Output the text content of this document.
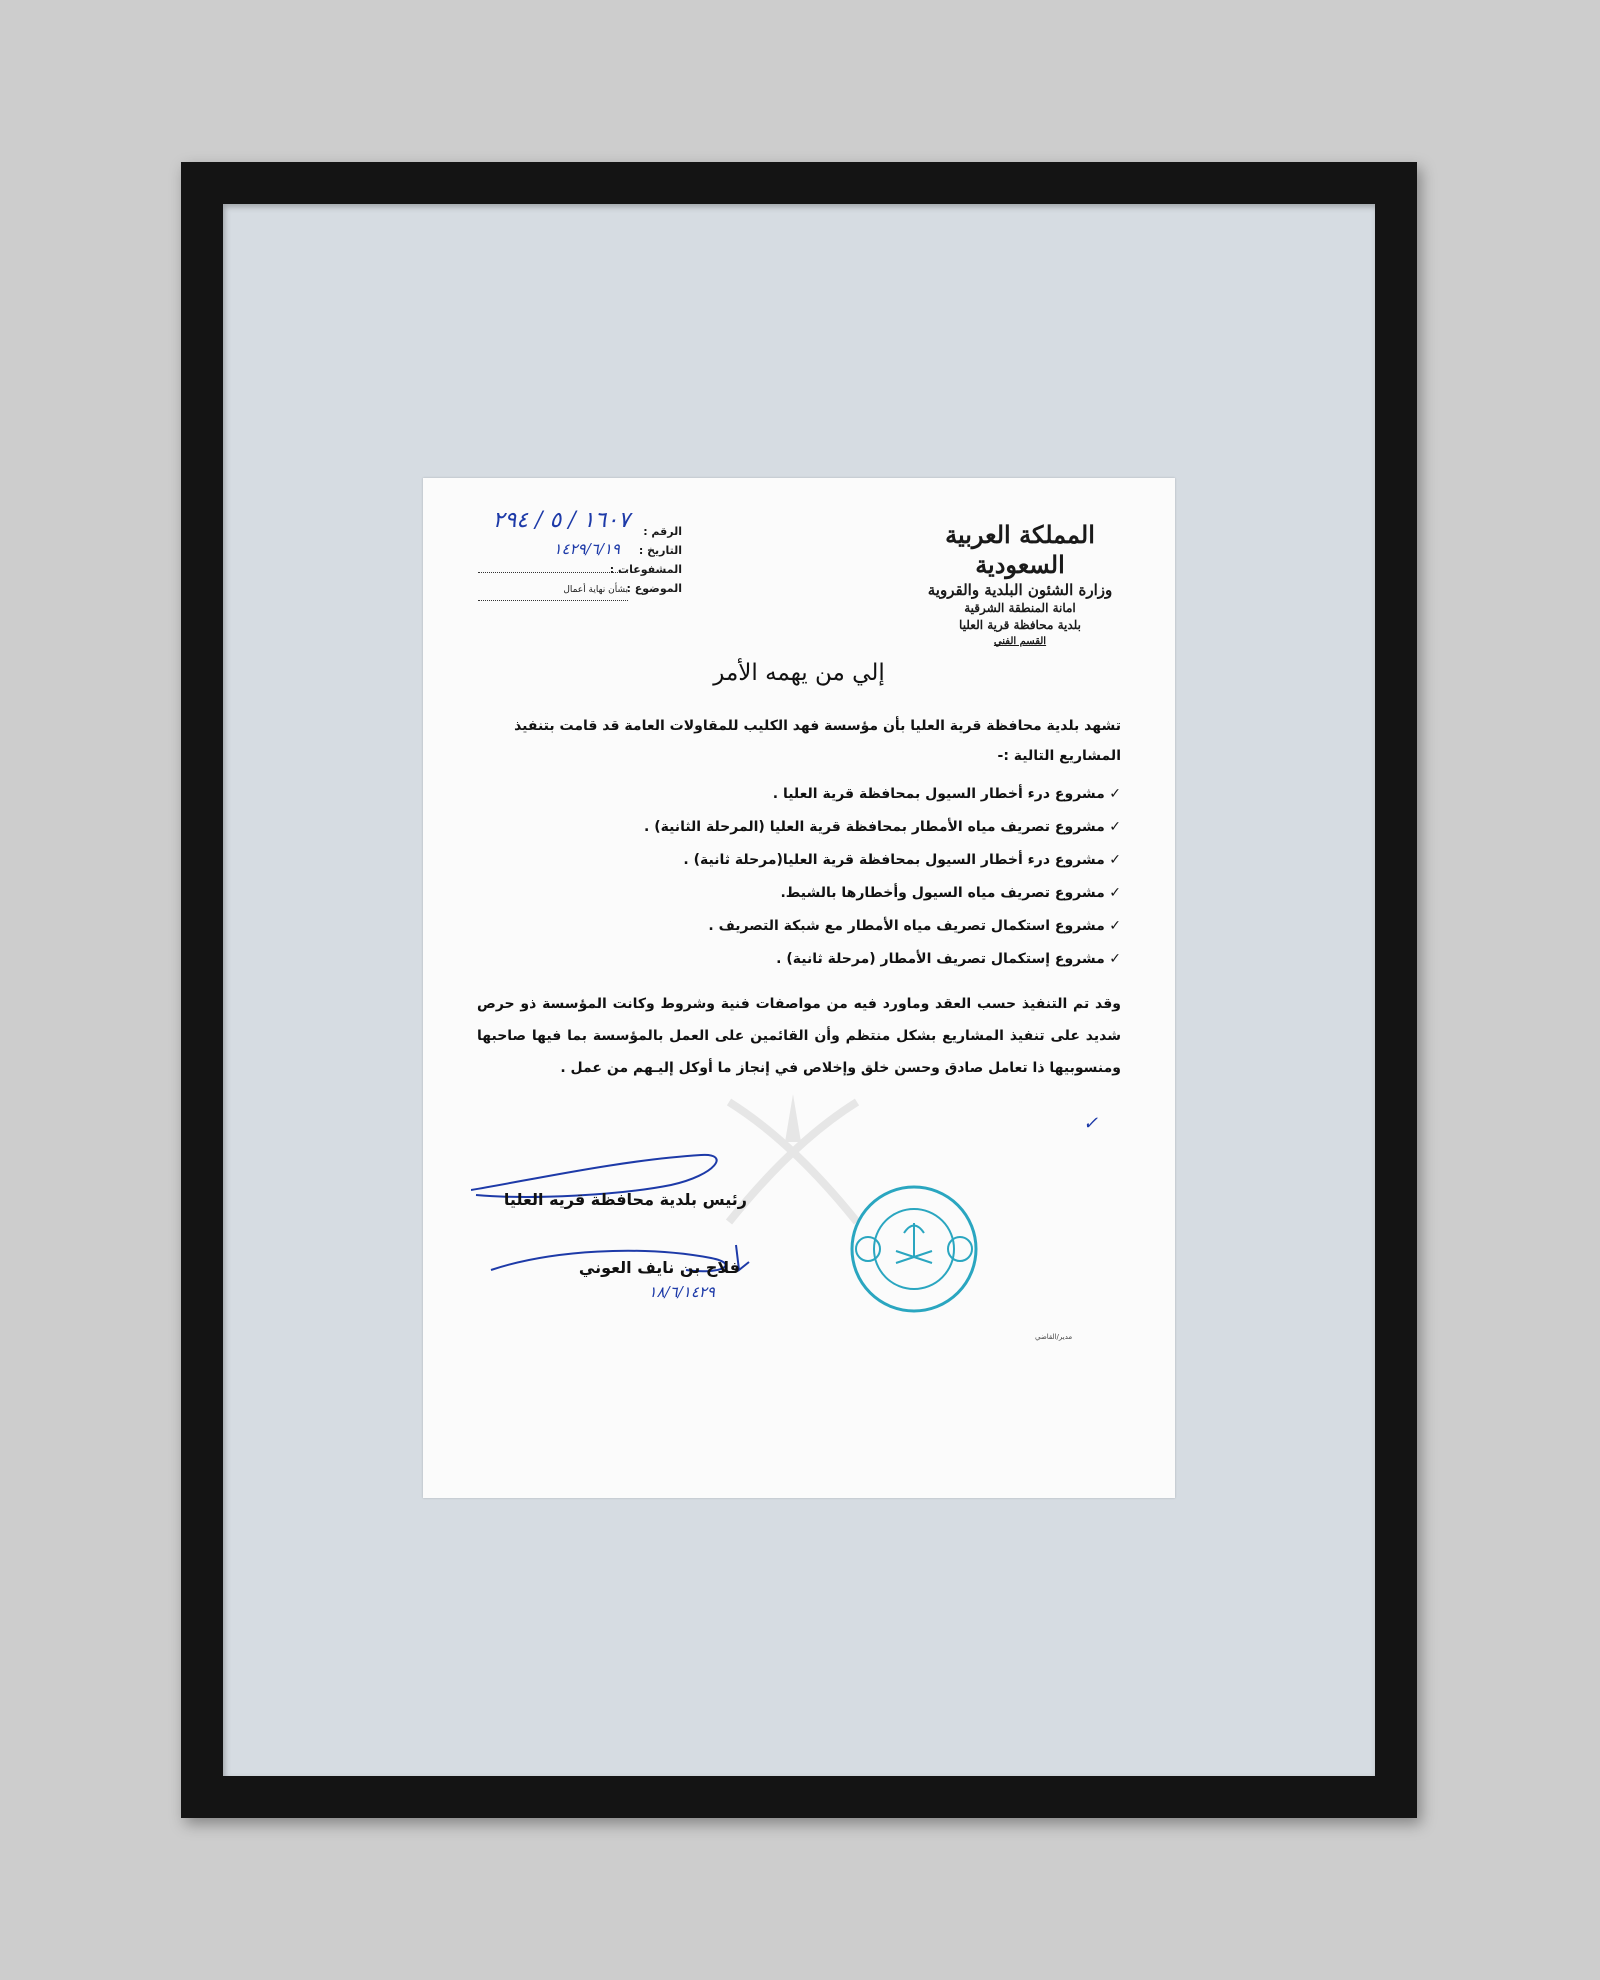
المملكة العربية السعودية
وزارة الشئون البلدية والقروية
امانة المنطقة الشرقية
بلدية محافظة قرية العليا
القسم الفني
الرقم :
التاريخ :
المشفوعات :
الموضوع :بشأن نهاية أعمال
١٦٠٧ / ٥ / ٢٩٤
١٤٢٩/٦/١٩
إلي من يهمه الأمر
تشهد بلدية محافظة قرية العليا بأن مؤسسة فهد الكليب للمقاولات العامة قد قامت بتنفيذ المشاريع التالية :-
✓ مشروع درء أخطار السيول بمحافظة قرية العليا .
✓ مشروع تصريف مياه الأمطار بمحافظة قرية العليا (المرحلة الثانية) .
✓ مشروع درء أخطار السيول بمحافظة قرية العليا(مرحلة ثانية) .
✓ مشروع تصريف مياه السيول وأخطارها بالشيط.
✓ مشروع استكمال تصريف مياه الأمطار مع شبكة التصريف .
✓ مشروع إستكمال تصريف الأمطار (مرحلة ثانية) .
وقد تم التنفيذ حسب العقد وماورد فيه من مواصفات فنية وشروط وكانت المؤسسة ذو حرص شديد على تنفيذ المشاريع بشكل منتظم وأن القائمين على العمل بالمؤسسة بما فيها صاحبها ومنسوبيها ذا تعامل صادق وحسن خلق وإخلاص في إنجاز ما أوكل إليـهم من عمل .
✓
رئيس بلدية محافظة قريه العليا
فلاح بن نايف العوني
١٨/٦/١٤٢٩
مدير/القاضي
